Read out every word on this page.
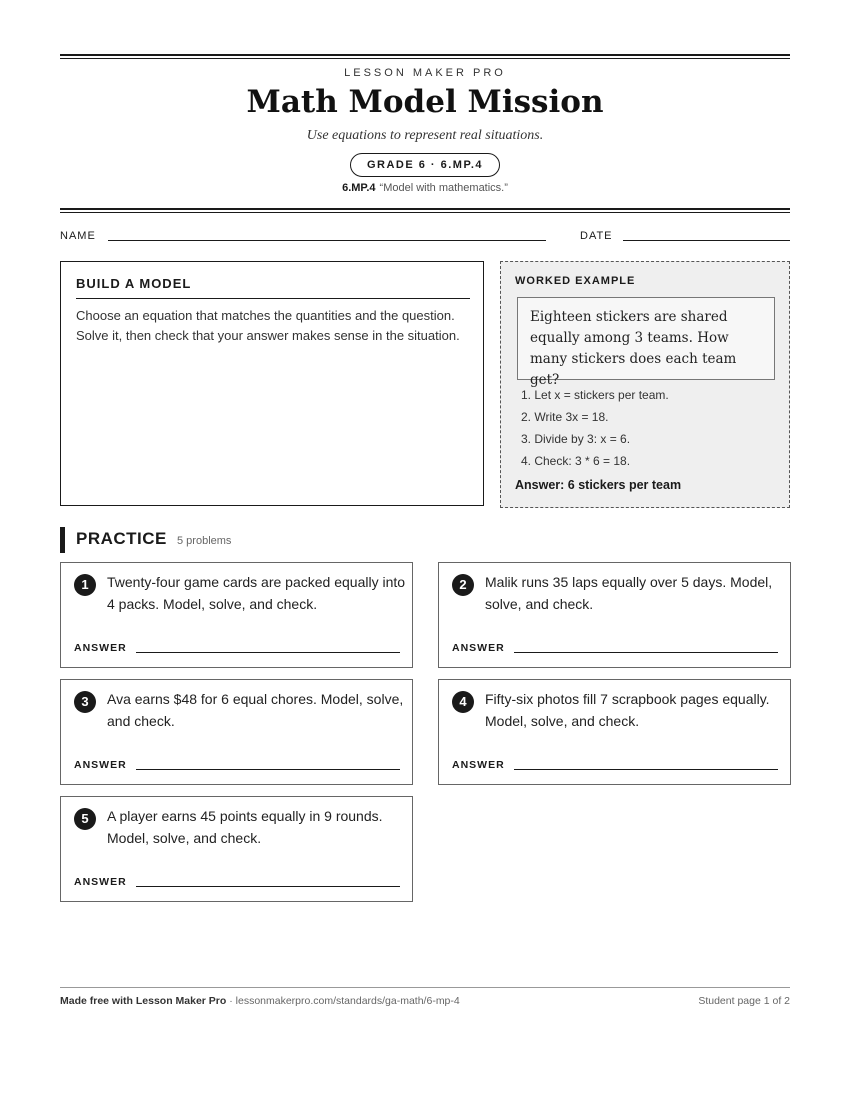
LESSON MAKER PRO
Math Model Mission
Use equations to represent real situations.
GRADE 6 · 6.MP.4
6.MP.4 “Model with mathematics.”
NAME	DATE
BUILD A MODEL
Choose an equation that matches the quantities and the question. Solve it, then check that your answer makes sense in the situation.
WORKED EXAMPLE
Eighteen stickers are shared equally among 3 teams. How many stickers does each team get?
1. Let x = stickers per team.
2. Write 3x = 18.
3. Divide by 3: x = 6.
4. Check: 3 * 6 = 18.
Answer: 6 stickers per team
PRACTICE 5 problems
1	Twenty-four game cards are packed equally into 4 packs. Model, solve, and check.
ANSWER
2	Malik runs 35 laps equally over 5 days. Model, solve, and check.
ANSWER
3	Ava earns $48 for 6 equal chores. Model, solve, and check.
ANSWER
4	Fifty-six photos fill 7 scrapbook pages equally. Model, solve, and check.
ANSWER
5	A player earns 45 points equally in 9 rounds. Model, solve, and check.
ANSWER
Made free with Lesson Maker Pro · lessonmakerpro.com/standards/ga-math/6-mp-4	Student page 1 of 2
